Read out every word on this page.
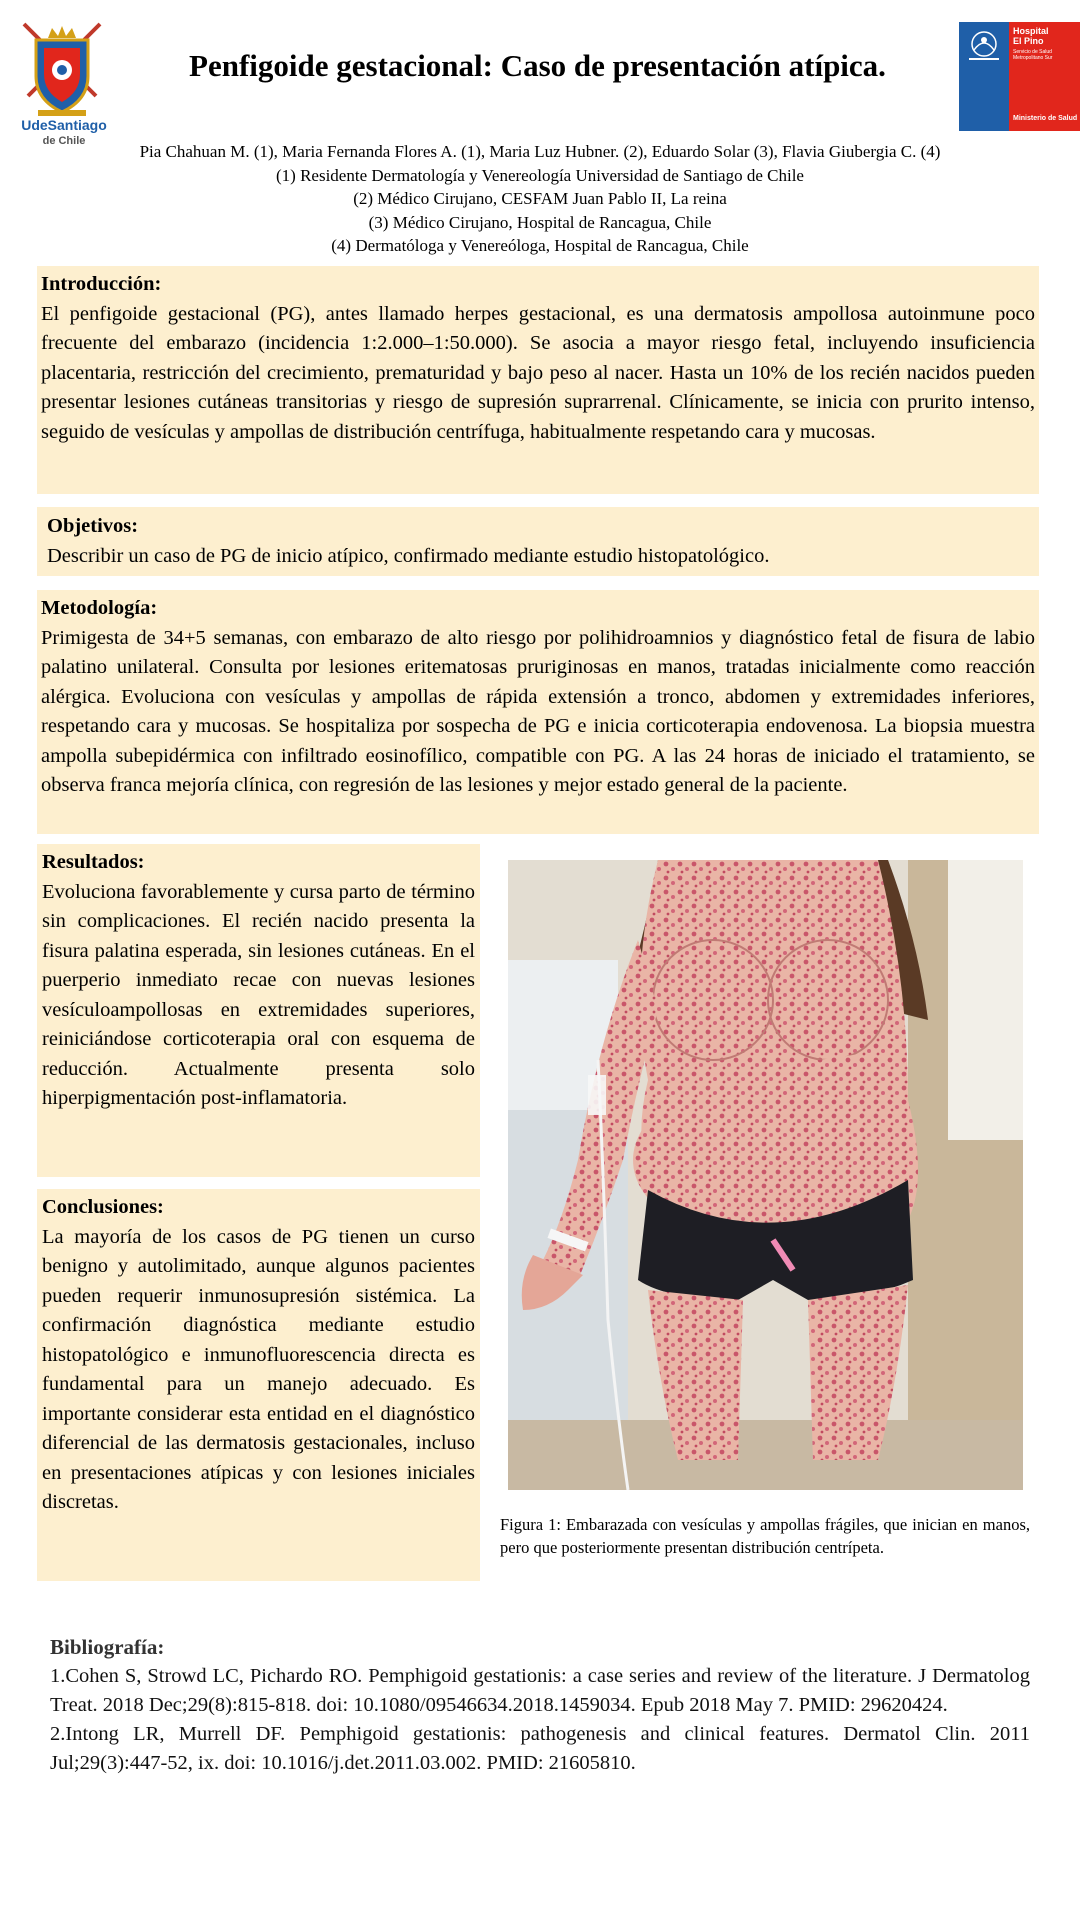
UdeSantiago
de Chile
Penfigoide gestacional: Caso de presentación atípica.
Hospital
El Pino
Servicio de Salud Metropolitano Sur
Ministerio de Salud
Pia Chahuan M. (1), Maria Fernanda Flores A. (1), Maria Luz Hubner. (2), Eduardo Solar (3), Flavia Giubergia C. (4)
(1) Residente Dermatología y Venereología Universidad de Santiago de Chile
(2) Médico Cirujano, CESFAM Juan Pablo II, La reina
(3) Médico Cirujano, Hospital de Rancagua, Chile
(4) Dermatóloga y Venereóloga, Hospital de Rancagua, Chile
Introducción:

El penfigoide gestacional (PG), antes llamado herpes gestacional, es una dermatosis ampollosa autoinmune poco frecuente del embarazo (incidencia 1:2.000–1:50.000). Se asocia a mayor riesgo fetal, incluyendo insuficiencia placentaria, restricción del crecimiento, prematuridad y bajo peso al nacer. Hasta un 10% de los recién nacidos pueden presentar lesiones cutáneas transitorias y riesgo de supresión suprarrenal. Clínicamente, se inicia con prurito intenso, seguido de vesículas y ampollas de distribución centrífuga, habitualmente respetando cara y mucosas.

Objetivos:

Describir un caso de PG de inicio atípico, confirmado mediante estudio histopatológico.

Metodología:

Primigesta de 34+5 semanas, con embarazo de alto riesgo por polihidroamnios y diagnóstico fetal de fisura de labio palatino unilateral. Consulta por lesiones eritematosas pruriginosas en manos, tratadas inicialmente como reacción alérgica. Evoluciona con vesículas y ampollas de rápida extensión a tronco, abdomen y extremidades inferiores, respetando cara y mucosas. Se hospitaliza por sospecha de PG e inicia corticoterapia endovenosa. La biopsia muestra ampolla subepidérmica con infiltrado eosinofílico, compatible con PG. A las 24 horas de iniciado el tratamiento, se observa franca mejoría clínica, con regresión de las lesiones y mejor estado general de la paciente.

Resultados:

Evoluciona favorablemente y cursa parto de término sin complicaciones. El recién nacido presenta la fisura palatina esperada, sin lesiones cutáneas. En el puerperio inmediato recae con nuevas lesiones vesículoampollosas en extremidades superiores, reiniciándose corticoterapia oral con esquema de reducción. Actualmente presenta solo hiperpigmentación post-inflamatoria.

Conclusiones:

La mayoría de los casos de PG tienen un curso benigno y autolimitado, aunque algunos pacientes pueden requerir inmunosupresión sistémica. La confirmación diagnóstica mediante estudio histopatológico e inmunofluorescencia directa es fundamental para un manejo adecuado. Es importante considerar esta entidad en el diagnóstico diferencial de las dermatosis gestacionales, incluso en presentaciones atípicas y con lesiones iniciales discretas.

Figura 1: Embarazada con vesículas y ampollas frágiles, que inician en manos, pero que posteriormente presentan distribución centrípeta.
Bibliografía:

1.Cohen S, Strowd LC, Pichardo RO. Pemphigoid gestationis: a case series and review of the literature. J Dermatolog Treat. 2018 Dec;29(8):815-818. doi: 10.1080/09546634.2018.1459034. Epub 2018 May 7. PMID: 29620424.

2.Intong LR, Murrell DF. Pemphigoid gestationis: pathogenesis and clinical features. Dermatol Clin. 2011 Jul;29(3):447-52, ix. doi: 10.1016/j.det.2011.03.002. PMID: 21605810.
